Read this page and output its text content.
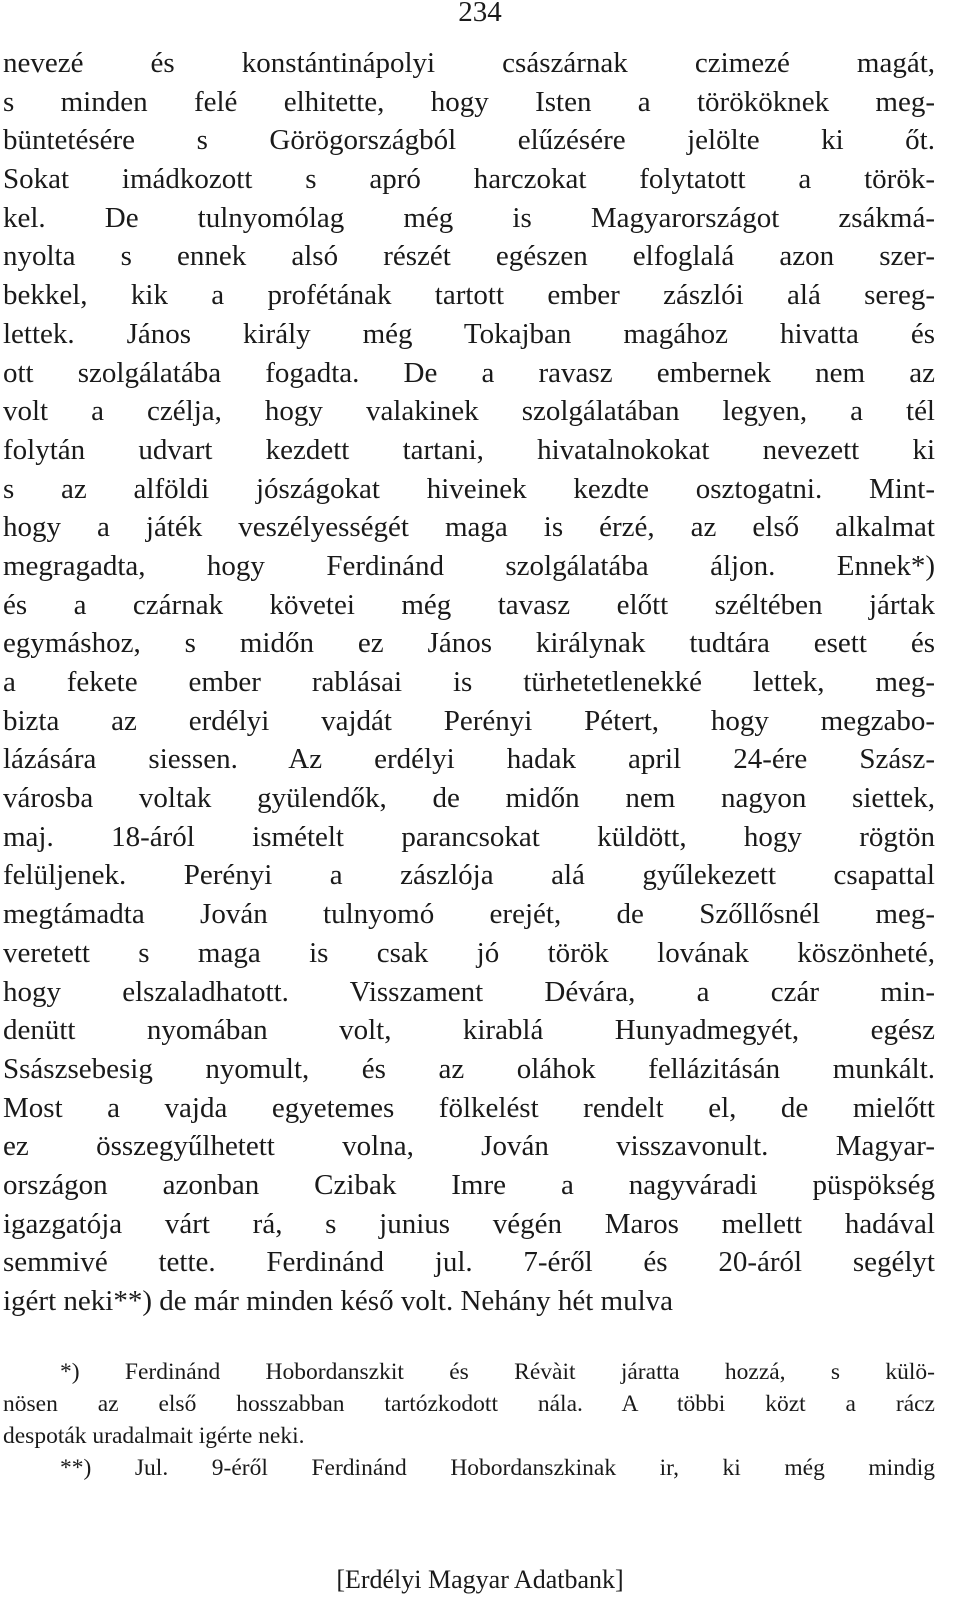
234
nevezé és konstántinápolyi császárnak czimezé magát,
s minden felé elhitette, hogy Isten a törököknek meg-
büntetésére s Görögországból elűzésére jelölte ki őt.
Sokat imádkozott s apró harczokat folytatott a török-
kel. De tulnyomólag még is Magyarországot zsákmá-
nyolta s ennek alsó részét egészen elfoglalá azon szer-
bekkel, kik a profétának tartott ember zászlói alá sereg-
lettek. János király még Tokajban magához hivatta és
ott szolgálatába fogadta. De a ravasz embernek nem az
volt a czélja, hogy valakinek szolgálatában legyen, a tél
folytán udvart kezdett tartani, hivatalnokokat nevezett ki
s az alföldi jószágokat hiveinek kezdte osztogatni. Mint-
hogy a játék veszélyességét maga is érzé, az első alkalmat
megragadta, hogy Ferdinánd szolgálatába áljon. Ennek*)
és a czárnak követei még tavasz előtt széltében jártak
egymáshoz, s midőn ez János királynak tudtára esett és
a fekete ember rablásai is türhetetlenekké lettek, meg-
bizta az erdélyi vajdát Perényi Pétert, hogy megzabo-
lázására siessen. Az erdélyi hadak april 24-ére Szász-
városba voltak gyülendők, de midőn nem nagyon siettek,
maj. 18-áról ismételt parancsokat küldött, hogy rögtön
felüljenek. Perényi a zászlója alá gyűlekezett csapattal
megtámadta Jován tulnyomó erejét, de Szőllősnél meg-
veretett s maga is csak jó török lovának köszönheté,
hogy elszaladhatott. Visszament Dévára, a czár min-
denütt nyomában volt, kirablá Hunyadmegyét, egész
Ssászsebesig nyomult, és az oláhok fellázitásán munkált.
Most a vajda egyetemes fölkelést rendelt el, de mielőtt
ez összegyűlhetett volna, Jován visszavonult. Magyar-
országon azonban Czibak Imre a nagyváradi püspökség
igazgatója várt rá, s junius végén Maros mellett hadával
semmivé tette. Ferdinánd jul. 7-éről és 20-áról segélyt
igért neki**) de már minden késő volt. Nehány hét mulva
*) Ferdinánd Hobordanszkit és Révàit járatta hozzá, s külö-
nösen az első hosszabban tartózkodott nála. A többi közt a rácz
despoták uradalmait igérte neki.
**) Jul. 9-éről Ferdinánd Hobordanszkinak ir, ki még mindig
[Erdélyi Magyar Adatbank]
